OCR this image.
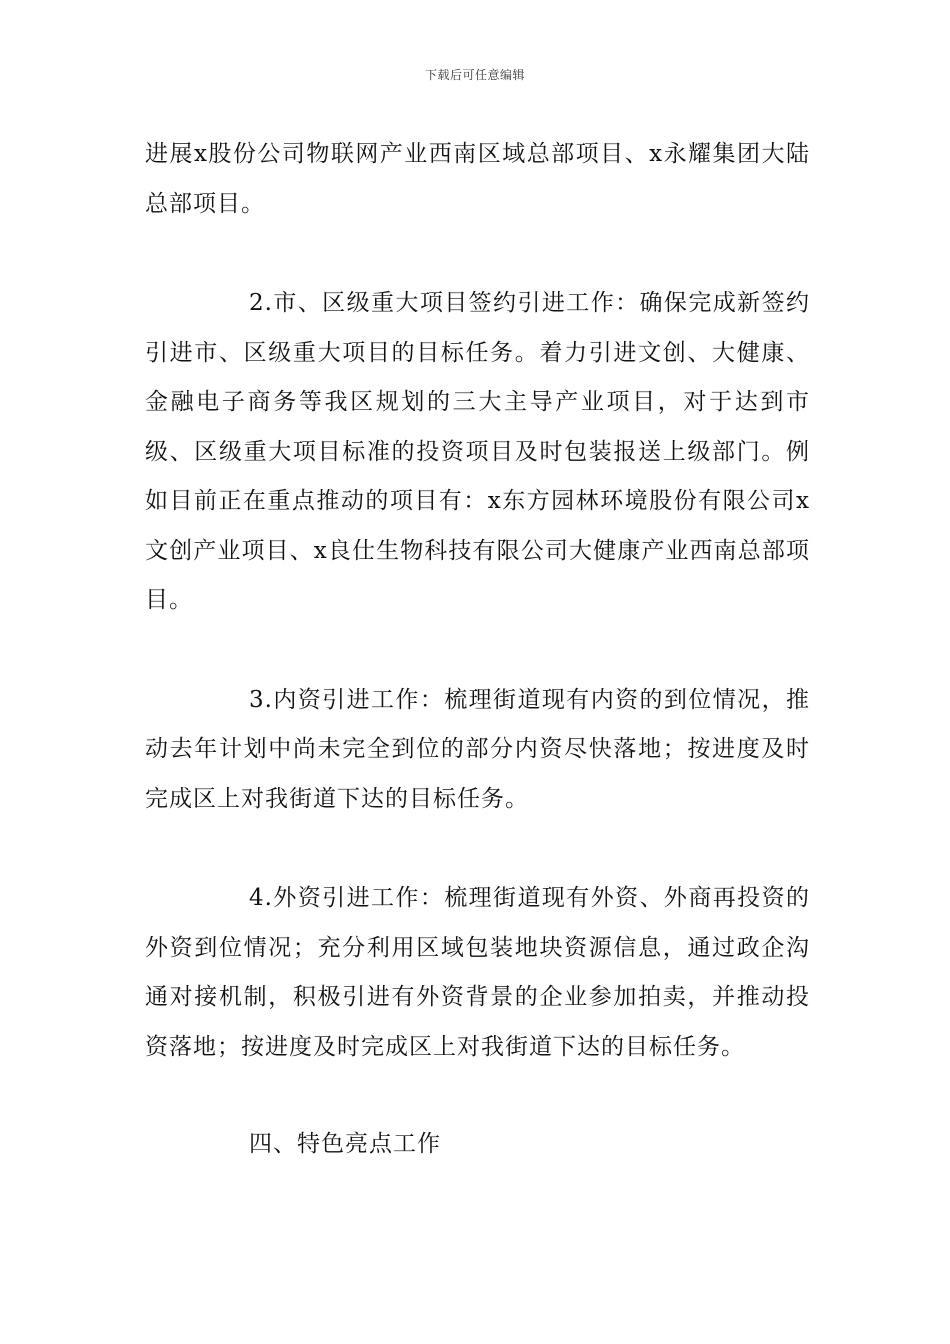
下载后可任意编辑

进展x股份公司物联网产业西南区域总部项目、x永耀集团大陆总部项目。

2.市、区级重大项目签约引进工作：确保完成新签约引进市、区级重大项目的目标任务。着力引进文创、大健康、金融电子商务等我区规划的三大主导产业项目，对于达到市级、区级重大项目标准的投资项目及时包装报送上级部门。例如目前正在重点推动的项目有：x东方园林环境股份有限公司x文创产业项目、x良仕生物科技有限公司大健康产业西南总部项目。

3.内资引进工作：梳理街道现有内资的到位情况，推动去年计划中尚未完全到位的部分内资尽快落地；按进度及时完成区上对我街道下达的目标任务。

4.外资引进工作：梳理街道现有外资、外商再投资的外资到位情况；充分利用区域包装地块资源信息，通过政企沟通对接机制，积极引进有外资背景的企业参加拍卖，并推动投资落地；按进度及时完成区上对我街道下达的目标任务。

四、特色亮点工作
